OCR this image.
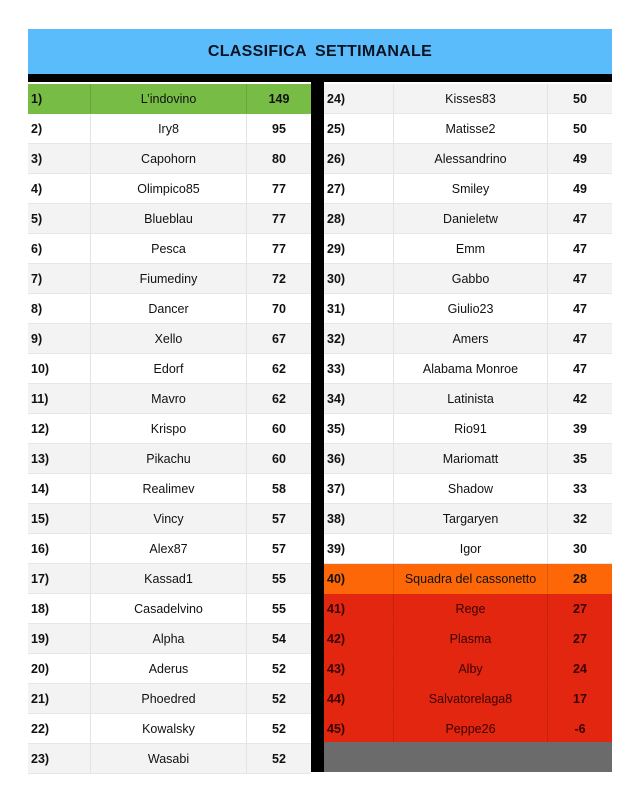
CLASSIFICA SETTIMANALE
1)	L’indovino	149
2)	Iry8	95
3)	Capohorn	80
4)	Olimpico85	77
5)	Blueblau	77
6)	Pesca	77
7)	Fiumediny	72
8)	Dancer	70
9)	Xello	67
10)	Edorf	62
11)	Mavro	62
12)	Krispo	60
13)	Pikachu	60
14)	Realimev	58
15)	Vincy	57
16)	Alex87	57
17)	Kassad1	55
18)	Casadelvino	55
19)	Alpha	54
20)	Aderus	52
21)	Phoedred	52
22)	Kowalsky	52
23)	Wasabi	52
24)	Kisses83	50
25)	Matisse2	50
26)	Alessandrino	49
27)	Smiley	49
28)	Danieletw	47
29)	Emm	47
30)	Gabbo	47
31)	Giulio23	47
32)	Amers	47
33)	Alabama Monroe	47
34)	Latinista	42
35)	Rio91	39
36)	Mariomatt	35
37)	Shadow	33
38)	Targaryen	32
39)	Igor	30
40)	Squadra del cassonetto	28
41)	Rege	27
42)	Plasma	27
43)	Alby	24
44)	Salvatorelaga8	17
45)	Peppe26	-6
